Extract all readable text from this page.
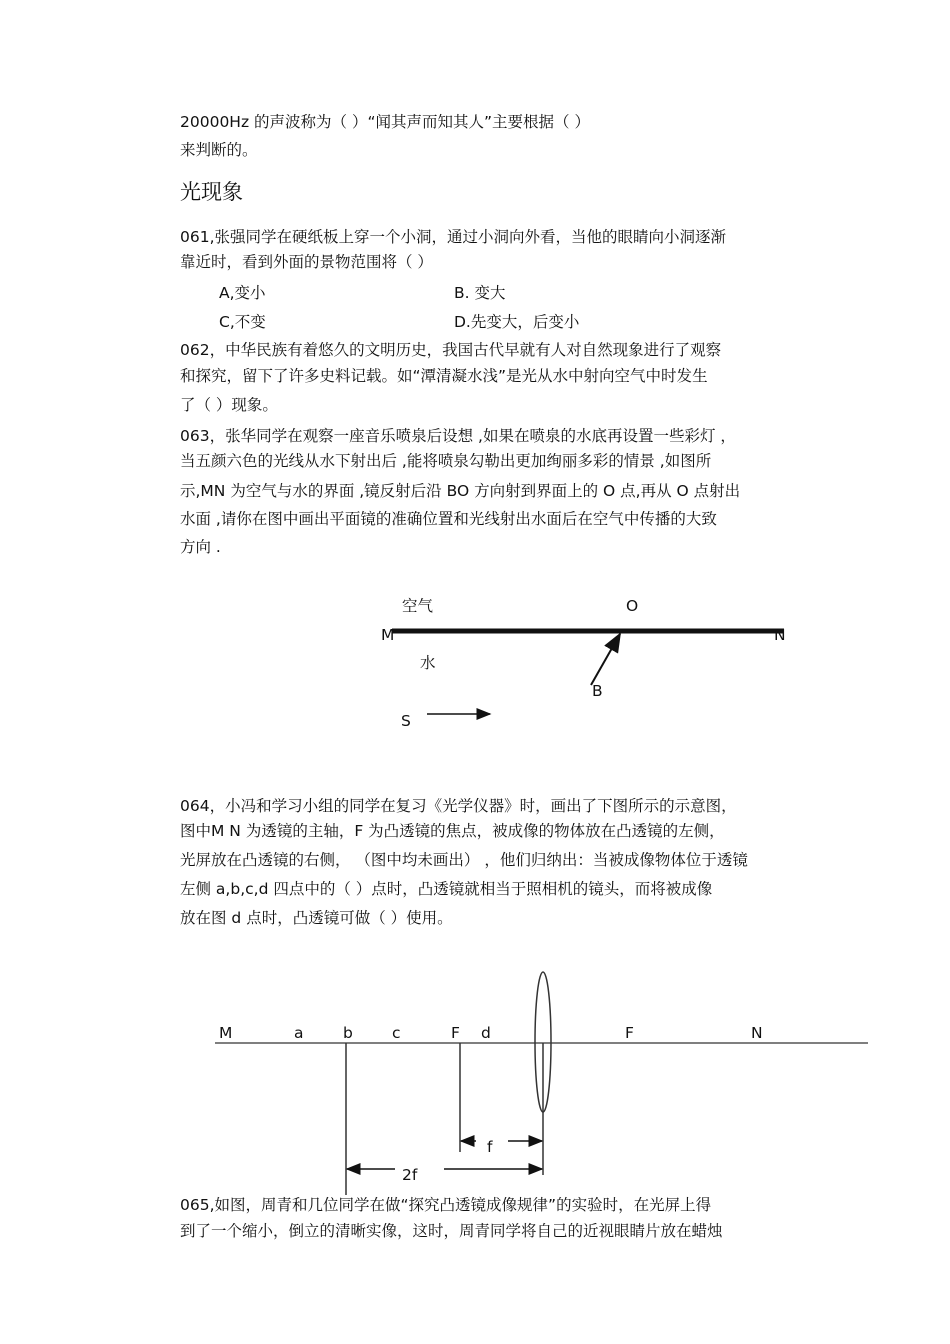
20000Hz 的声波称为（ ）“闻其声而知其人”主要根据（ ）
来判断的。
光现象
061,张强同学在硬纸板上穿一个小洞，通过小洞向外看，当他的眼睛向小洞逐渐
靠近时，看到外面的景物范围将（ ）
A,变小	B. 变大
C,不变	D.先变大，后变小
062，中华民族有着悠久的文明历史，我国古代早就有人对自然现象进行了观察
和探究，留下了许多史料记载。如“潭清凝水浅”是光从水中射向空气中时发生
了（ ）现象。
063，张华同学在观察一座音乐喷泉后设想 ,如果在喷泉的水底再设置一些彩灯 ，
当五颜六色的光线从水下射出后 ,能将喷泉勾勒出更加绚丽多彩的情景 ,如图所
示,MN 为空气与水的界面 ,镜反射后沿 BO 方向射到界面上的 O 点,再从 O 点射出
水面 ,请你在图中画出平面镜的准确位置和光线射出水面后在空气中传播的大致
方向 .
空气	O
M	N
水
B
S
064，小冯和学习小组的同学在复习《光学仪器》时，画出了下图所示的示意图，
图中M N 为透镜的主轴，F 为凸透镜的焦点，被成像的物体放在凸透镜的左侧，
光屏放在凸透镜的右侧， （图中均未画出） ，他们归纳出：当被成像物体位于透镜
左侧 a,b,c,d 四点中的（ ）点时，凸透镜就相当于照相机的镜头，而将被成像
放在图 d 点时，凸透镜可做（ ）使用。
M	a	b	c	F d	F	N
f
2f
065,如图，周青和几位同学在做“探究凸透镜成像规律”的实验时，在光屏上得
到了一个缩小，倒立的清晰实像，这时，周青同学将自己的近视眼睛片放在蜡烛
